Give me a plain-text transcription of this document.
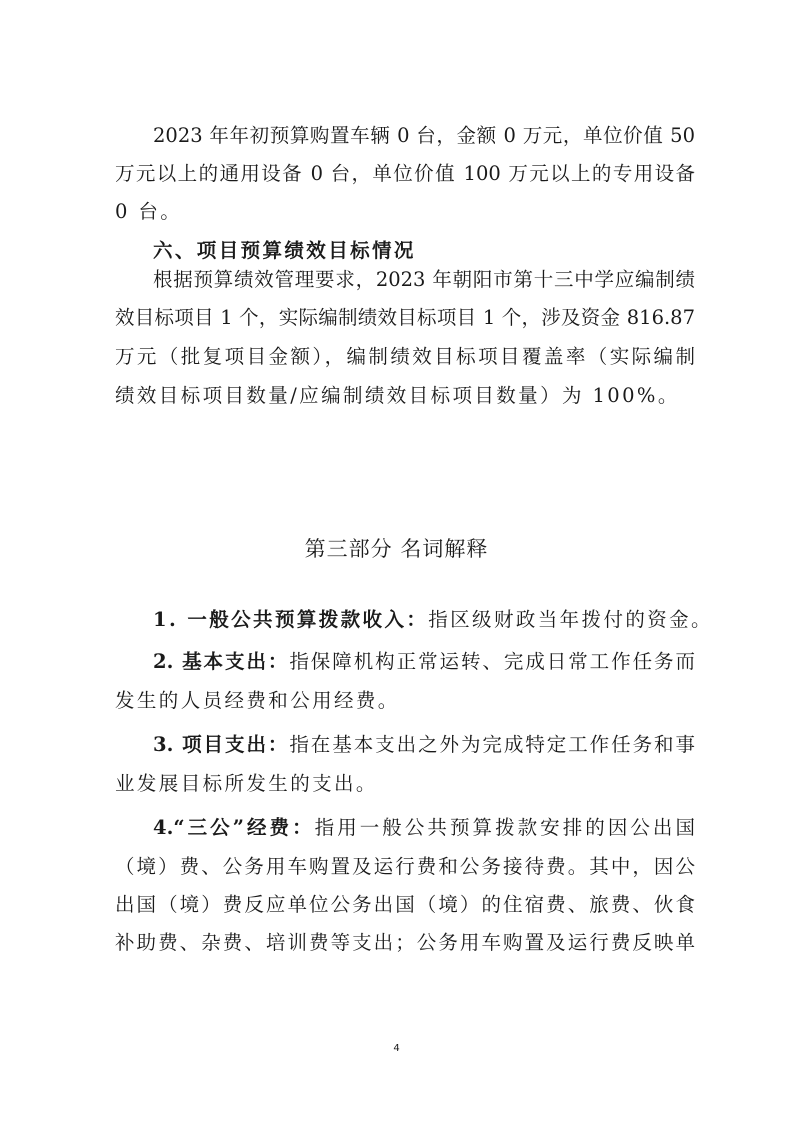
2023 年年初预算购置车辆 0 台，金额 0 万元，单位价值 50
万元以上的通用设备 0 台，单位价值 100 万元以上的专用设备
0 台。
六、项目预算绩效目标情况
根据预算绩效管理要求，2023 年朝阳市第十三中学应编制绩
效目标项目 1 个，实际编制绩效目标项目 1 个，涉及资金 816.87
万元（批复项目金额），编制绩效目标项目覆盖率（实际编制
绩效目标项目数量/应编制绩效目标项目数量）为 100%。
第三部分 名词解释
1. 一般公共预算拨款收入：指区级财政当年拨付的资金。
2. 基本支出：指保障机构正常运转、完成日常工作任务而
发生的人员经费和公用经费。
3. 项目支出：指在基本支出之外为完成特定工作任务和事
业发展目标所发生的支出。
4.“三公”经费：指用一般公共预算拨款安排的因公出国
（境）费、公务用车购置及运行费和公务接待费。其中，因公
出国（境）费反应单位公务出国（境）的住宿费、旅费、伙食
补助费、杂费、培训费等支出；公务用车购置及运行费反映单
4
